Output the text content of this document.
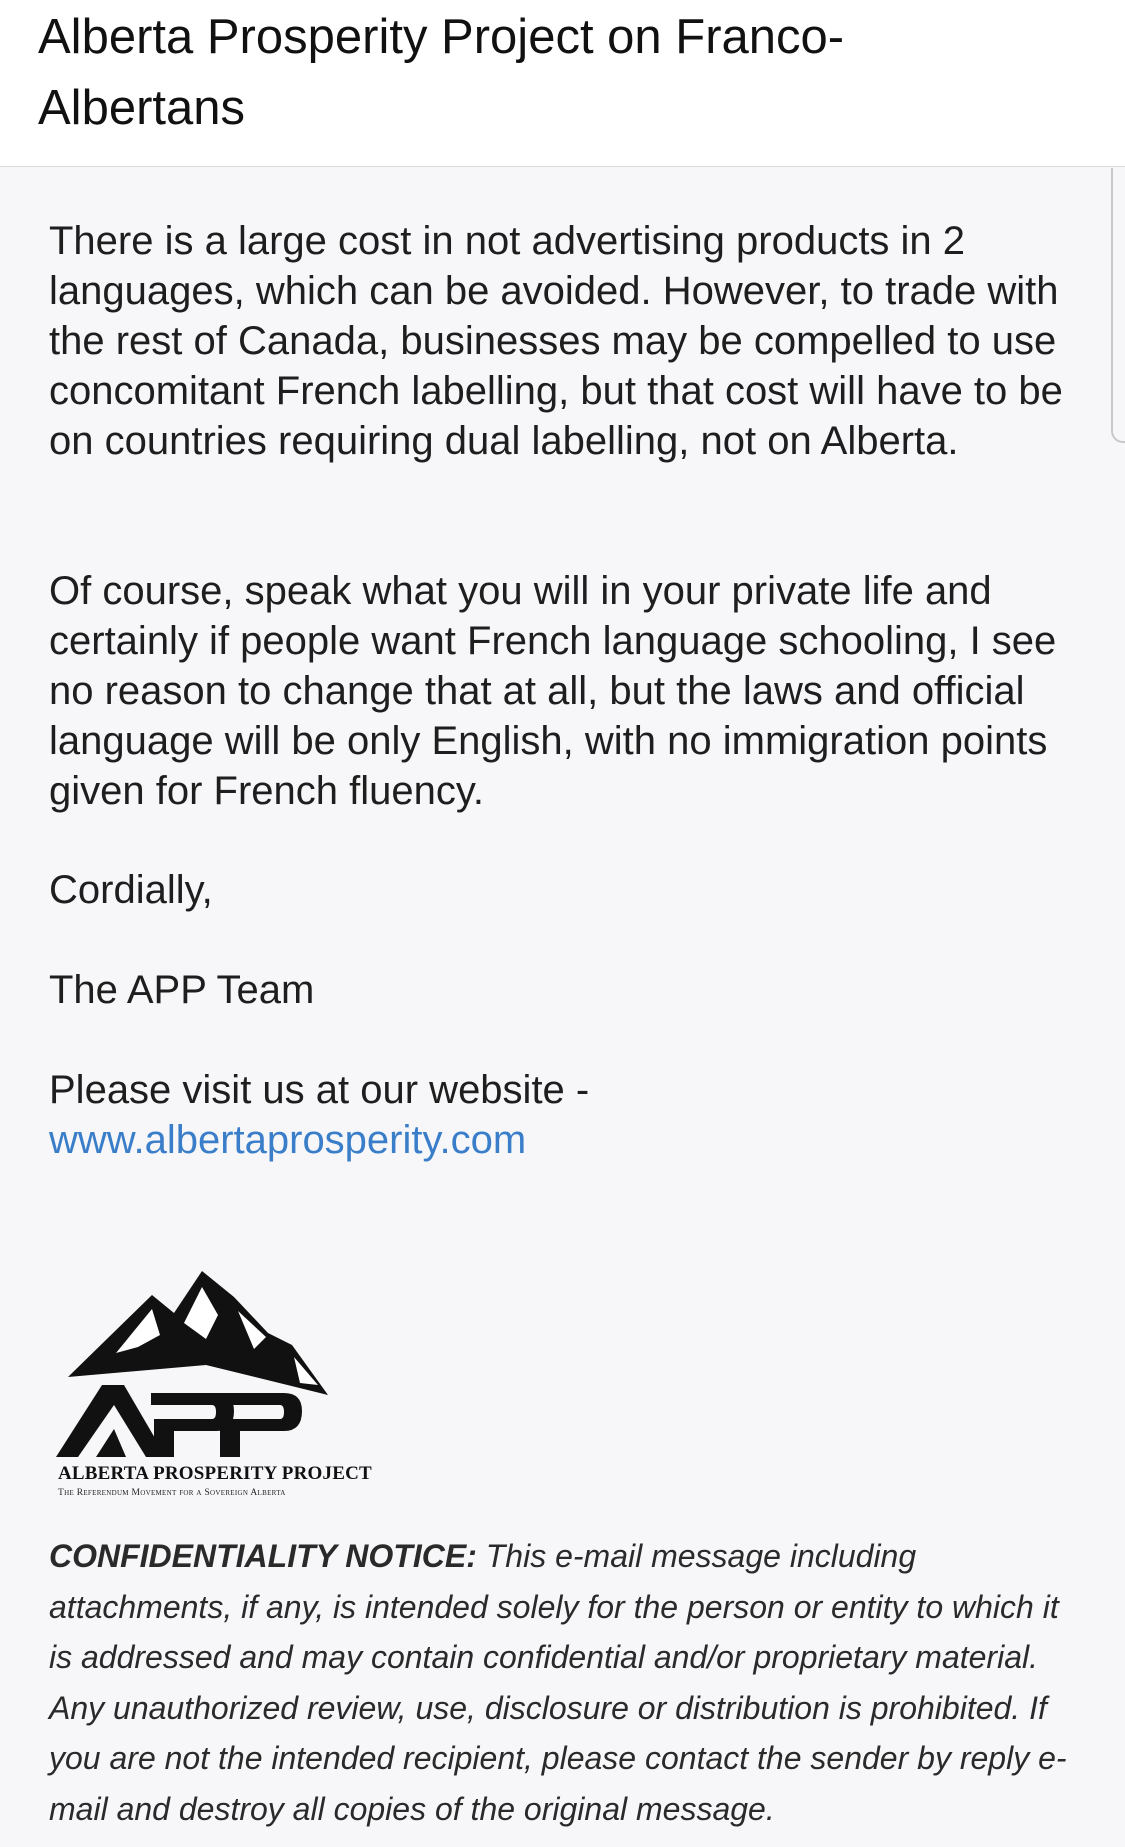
Alberta Prosperity Project on Franco-Albertans

There is a large cost in not advertising products in 2 languages, which can be avoided. However, to trade with the rest of Canada, businesses may be compelled to use concomitant French labelling, but that cost will have to be on countries requiring dual labelling, not on Alberta.

Of course, speak what you will in your private life and certainly if people want French language schooling, I see no reason to change that at all, but the laws and official language will be only English, with no immigration points given for French fluency.

Cordially,

The APP Team

Please visit us at our website -
www.albertaprosperity.com

ALBERTA PROSPERITY PROJECT
The Referendum Movement for a Sovereign Alberta

CONFIDENTIALITY NOTICE: This e-mail message including attachments, if any, is intended solely for the person or entity to which it is addressed and may contain confidential and/or proprietary material. Any unauthorized review, use, disclosure or distribution is prohibited. If you are not the intended recipient, please contact the sender by reply e-mail and destroy all copies of the original message.
